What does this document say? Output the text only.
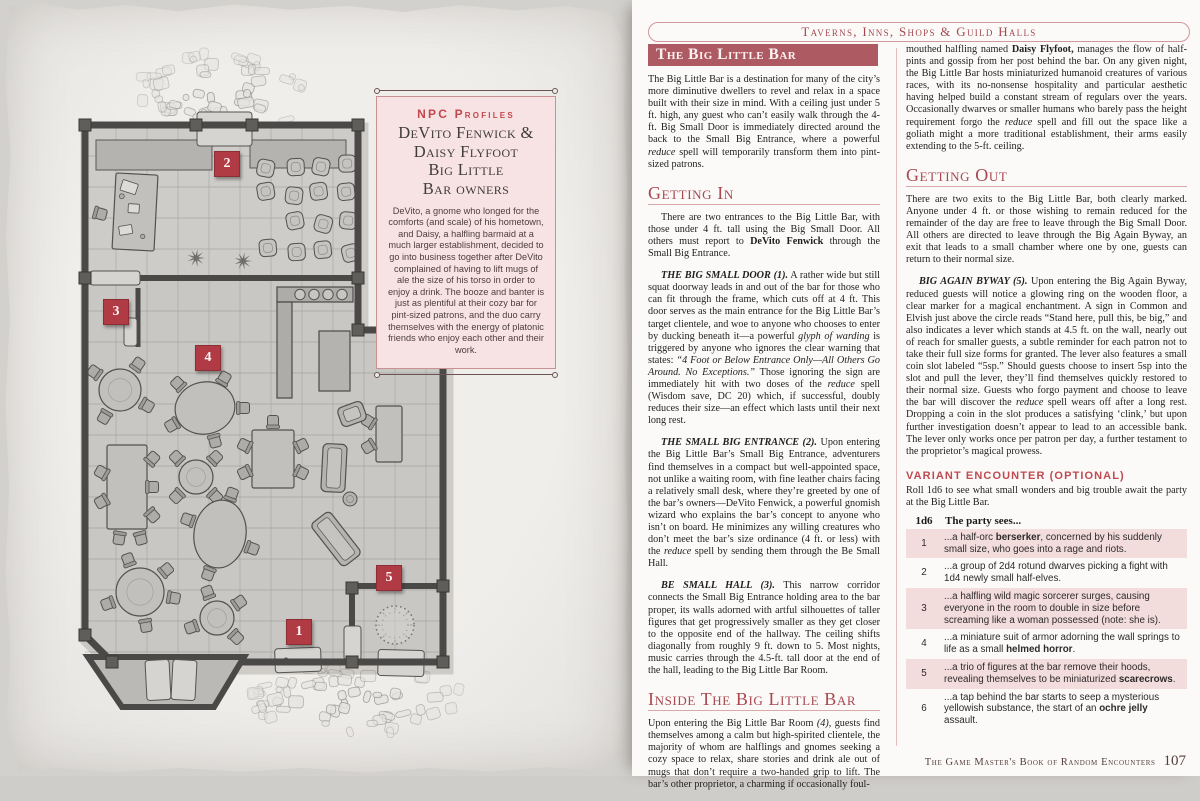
1
2
3
4
5
NPC Profiles
DeVito Fenwick &
Daisy Flyfoot
Big Little
Bar owners

DeVito, a gnome who longed for the comforts (and scale) of his hometown, and Daisy, a halfling barmaid at a much larger establishment, decided to go into business together after DeVito complained of having to lift mugs of ale the size of his torso in order to enjoy a drink. The booze and banter is just as plentiful at their cozy bar for pint-sized patrons, and the duo carry themselves with the energy of platonic friends who enjoy each other and their work.

Taverns, Inns, Shops & Guild Halls
The Big Little Bar

The Big Little Bar is a destination for many of the city’s more diminutive dwellers to revel and relax in a space built with their size in mind. With a ceiling just under 5 ft. high, any guest who can’t easily walk through the 4-ft. Big Small Door is immediately directed around the back to the Small Big Entrance, where a powerful reduce spell will temporarily transform them into pint-sized patrons.

Getting In

There are two entrances to the Big Little Bar, with those under 4 ft. tall using the Big Small Door. All others must report to DeVito Fenwick through the Small Big Entrance.

THE BIG SMALL DOOR (1). A rather wide but still squat doorway leads in and out of the bar for those who can fit through the frame, which cuts off at 4 ft. This door serves as the main entrance for the Big Little Bar’s target clientele, and woe to anyone who chooses to enter by ducking beneath it—a powerful glyph of warding is triggered by anyone who ignores the clear warning that states: “4 Foot or Below Entrance Only—All Others Go Around. No Exceptions.” Those ignoring the sign are immediately hit with two doses of the reduce spell (Wisdom save, DC 20) which, if successful, doubly reduces their size—an effect which lasts until their next long rest.

THE SMALL BIG ENTRANCE (2). Upon entering the Big Little Bar’s Small Big Entrance, adventurers find themselves in a compact but well-appointed space, not unlike a waiting room, with fine leather chairs facing a relatively small desk, where they’re greeted by one of the bar’s owners—DeVito Fenwick, a powerful gnomish wizard who explains the bar’s concept to anyone who isn’t on board. He minimizes any willing creatures who don’t meet the bar’s size ordinance (4 ft. or less) with the reduce spell by sending them through the Be Small Hall.

BE SMALL HALL (3). This narrow corridor connects the Small Big Entrance holding area to the bar proper, its walls adorned with artful silhouettes of taller figures that get progressively smaller as they get closer to the opposite end of the hallway. The ceiling shifts diagonally from roughly 9 ft. down to 5. Most nights, music carries through the 4.5-ft. tall door at the end of the hall, leading to the Big Little Bar Room.

Inside The Big Little Bar

Upon entering the Big Little Bar Room (4), guests find themselves among a calm but high-spirited clientele, the majority of whom are halflings and gnomes seeking a cozy space to relax, share stories and drink ale out of mugs that don’t require a two-handed grip to lift. The bar’s other proprietor, a charming if occasionally foul-

mouthed halfling named Daisy Flyfoot, manages the flow of half-pints and gossip from her post behind the bar. On any given night, the Big Little Bar hosts miniaturized humanoid creatures of various races, with its no-nonsense hospitality and particular aesthetic having helped build a constant stream of regulars over the years. Occasionally dwarves or smaller humans who barely pass the height requirement forgo the reduce spell and fill out the space like a goliath might a more traditional establishment, their arms easily extending to the 5-ft. ceiling.

Getting Out

There are two exits to the Big Little Bar, both clearly marked. Anyone under 4 ft. or those wishing to remain reduced for the remainder of the day are free to leave through the Big Small Door. All others are directed to leave through the Big Again Byway, an exit that leads to a small chamber where one by one, guests can return to their normal size.

BIG AGAIN BYWAY (5). Upon entering the Big Again Byway, reduced guests will notice a glowing ring on the wooden floor, a clear marker for a magical enchantment. A sign in Common and Elvish just above the circle reads “Stand here, pull this, be big,” and also indicates a lever which stands at 4.5 ft. on the wall, nearly out of reach for smaller guests, a subtle reminder for each patron not to take their full size forms for granted. The lever also features a small coin slot labeled “5sp.” Should guests choose to insert 5sp into the slot and pull the lever, they’ll find themselves quickly restored to their normal size. Guests who forgo payment and choose to leave the bar will discover the reduce spell wears off after a long rest. Dropping a coin in the slot produces a satisfying ‘clink,’ but upon further investigation doesn’t appear to lead to an accessible bank. The lever only works once per patron per day, a further testament to the proprietor’s magical prowess.

VARIANT ENCOUNTER (OPTIONAL)

Roll 1d6 to see what small wonders and big trouble await the party at the Big Little Bar.

1d6	The party sees...
1	...a half-orc berserker, concerned by his suddenly small size, who goes into a rage and riots.
2	...a group of 2d4 rotund dwarves picking a fight with 1d4 newly small half-elves.
3	...a halfling wild magic sorcerer surges, causing everyone in the room to double in size before screaming like a woman possessed (note: she is).
4	...a miniature suit of armor adorning the wall springs to life as a small helmed horror.
5	...a trio of figures at the bar remove their hoods, revealing themselves to be miniaturized scarecrows.
6	...a tap behind the bar starts to seep a mysterious yellowish substance, the start of an ochre jelly assault.
The Game Master's Book of Random Encounters 107
